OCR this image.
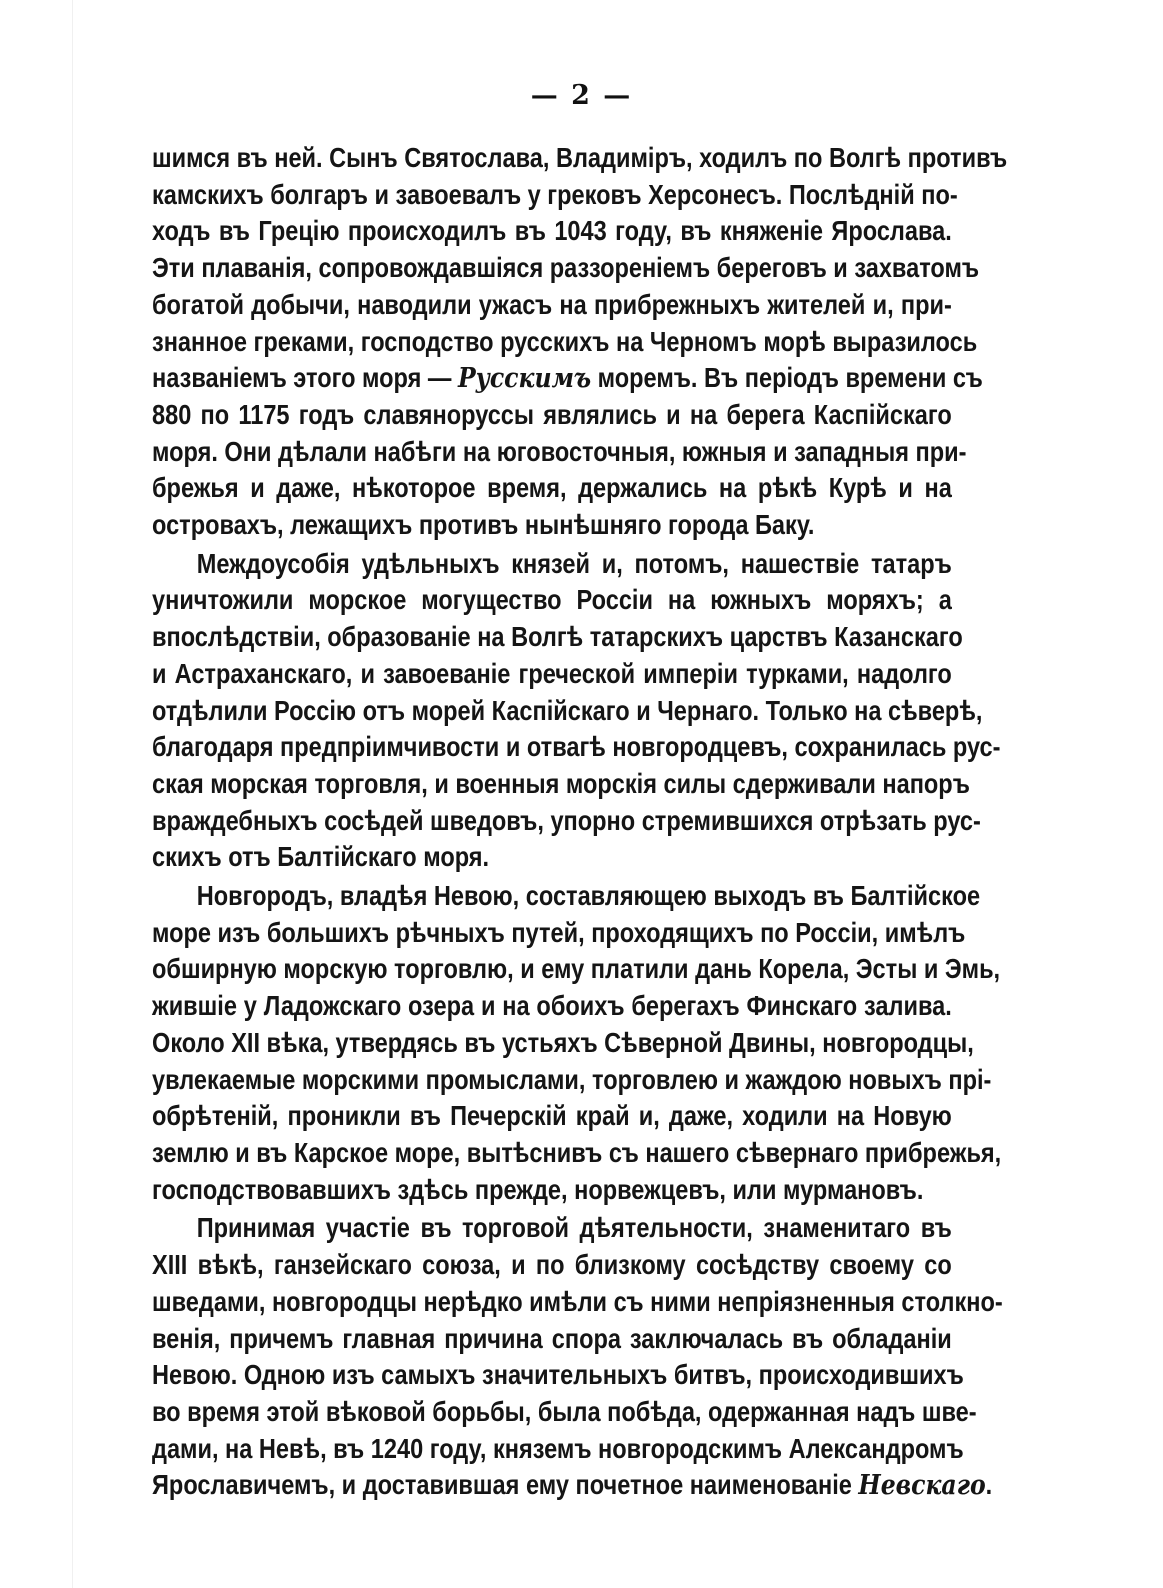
— 2 —
шимся въ ней. Сынъ Святослава, Владиміръ, ходилъ по Волгѣ противъ
камскихъ болгаръ и завоевалъ у грековъ Херсонесъ. Послѣдній по-
ходъ въ Грецію происходилъ въ 1043 году, въ княженіе Ярослава.
Эти плаванія, сопровождавшіяся раззореніемъ береговъ и захватомъ
богатой добычи, наводили ужасъ на прибрежныхъ жителей и, при-
знанное греками, господство русскихъ на Черномъ морѣ выразилось
названіемъ этого моря — Русскимъ моремъ. Въ періодъ времени съ
880 по 1175 годъ славяноруссы являлись и на берега Каспійскаго
моря. Они дѣлали набѣги на юговосточныя, южныя и западныя при-
брежья и даже, нѣкоторое время, держались на рѣкѣ Курѣ и на
островахъ, лежащихъ противъ нынѣшняго города Баку.
Междоусобія удѣльныхъ князей и, потомъ, нашествіе татаръ
уничтожили морское могущество Россіи на южныхъ моряхъ; а
впослѣдствіи, образованіе на Волгѣ татарскихъ царствъ Казанскаго
и Астраханскаго, и завоеваніе греческой имперіи турками, надолго
отдѣлили Россію отъ морей Каспійскаго и Чернаго. Только на сѣверѣ,
благодаря предпріимчивости и отвагѣ новгородцевъ, сохранилась рус-
ская морская торговля, и военныя морскія силы сдерживали напоръ
враждебныхъ сосѣдей шведовъ, упорно стремившихся отрѣзать рус-
скихъ отъ Балтійскаго моря.
Новгородъ, владѣя Невою, составляющею выходъ въ Балтійское
море изъ большихъ рѣчныхъ путей, проходящихъ по Россіи, имѣлъ
обширную морскую торговлю, и ему платили дань Корела, Эсты и Эмь,
жившіе у Ладожскаго озера и на обоихъ берегахъ Финскаго залива.
Около XII вѣка, утвердясь въ устьяхъ Сѣверной Двины, новгородцы,
увлекаемые морскими промыслами, торговлею и жаждою новыхъ прі-
обрѣтеній, проникли въ Печерскій край и, даже, ходили на Новую
землю и въ Карское море, вытѣснивъ съ нашего сѣвернаго прибрежья,
господствовавшихъ здѣсь прежде, норвежцевъ, или мурмановъ.
Принимая участіе въ торговой дѣятельности, знаменитаго въ
XIII вѣкѣ, ганзейскаго союза, и по близкому сосѣдству своему со
шведами, новгородцы нерѣдко имѣли съ ними непріязненныя столкно-
венія, причемъ главная причина спора заключалась въ обладаніи
Невою. Одною изъ самыхъ значительныхъ битвъ, происходившихъ
во время этой вѣковой борьбы, была побѣда, одержанная надъ шве-
дами, на Невѣ, въ 1240 году, княземъ новгородскимъ Александромъ
Ярославичемъ, и доставившая ему почетное наименованіе Невскаго.
